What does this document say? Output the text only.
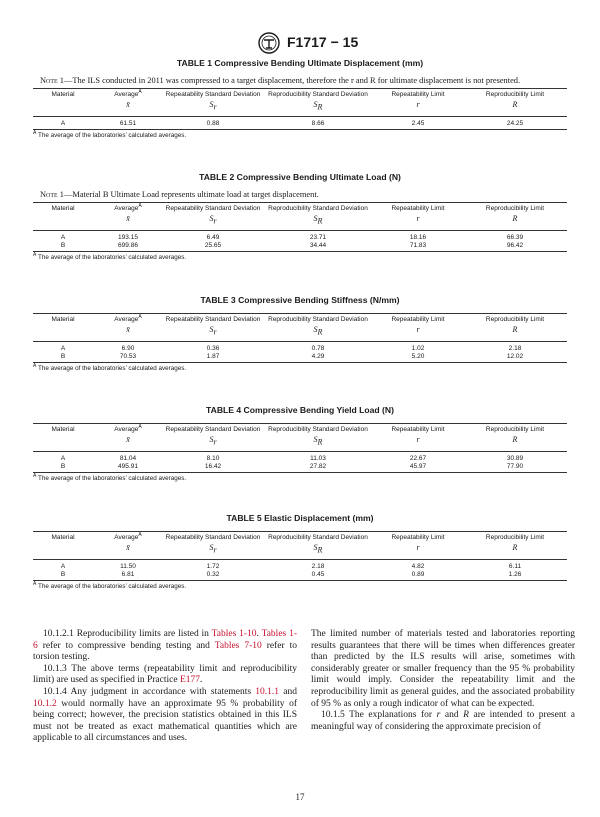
F1717 − 15
TABLE 1 Compressive Bending Ultimate Displacement (mm)
Note 1—The ILS conducted in 2011 was compressed to a target displacement, therefore the r and R for ultimate displacement is not presented.
Material	Average$^A$	Repeatability Standard Deviation	Reproducibility Standard Deviation	Repeatability Limit	Reproducibility Limit
	x̄	$S_r$	$S_R$	r	R
A	61.51	0.88	8.66	2.45	24.25
$^A$ The average of the laboratories’ calculated averages.
TABLE 2 Compressive Bending Ultimate Load (N)
Note 1—Material B Ultimate Load represents ultimate load at target displacement.
Material	Average$^A$	Repeatability Standard Deviation	Reproducibility Standard Deviation	Repeatability Limit	Reproducibility Limit
	x̄	$S_r$	$S_R$	r	R
A	193.15	6.49	23.71	18.16	66.39
B	699.86	25.65	34.44	71.83	96.42
$^A$ The average of the laboratories’ calculated averages.
TABLE 3 Compressive Bending Stiffness (N/mm)
Material	Average$^A$	Repeatability Standard Deviation	Reproducibility Standard Deviation	Repeatability Limit	Reproducibility Limit
	x̄	$S_r$	$S_R$	r	R
A	6.90	0.36	0.78	1.02	2.18
B	70.53	1.87	4.29	5.20	12.02
$^A$ The average of the laboratories’ calculated averages.
TABLE 4 Compressive Bending Yield Load (N)
Material	Average$^A$	Repeatability Standard Deviation	Reproducibility Standard Deviation	Repeatability Limit	Reproducibility Limit
	x̄	$S_r$	$S_R$	r	R
A	81.04	8.10	11.03	22.67	30.89
B	495.91	16.42	27.82	45.97	77.90
$^A$ The average of the laboratories’ calculated averages.
TABLE 5 Elastic Displacement (mm)
Material	Average$^A$	Repeatability Standard Deviation	Reproducibility Standard Deviation	Repeatability Limit	Reproducibility Limit
	x̄	$S_r$	$S_R$	r	R
A	11.50	1.72	2.18	4.82	6.11
B	6.81	0.32	0.45	0.89	1.26
$^A$ The average of the laboratories’ calculated averages.

10.1.2.1 Reproducibility limits are listed in Tables 1-10. Tables 1-6 refer to compressive bending testing and Tables 7-10 refer to torsion testing.

10.1.3 The above terms (repeatability limit and reproducibility limit) are used as specified in Practice E177.

10.1.4 Any judgment in accordance with statements 10.1.1 and 10.1.2 would normally have an approximate 95 % probability of being correct; however, the precision statistics obtained in this ILS must not be treated as exact mathematical quantities which are applicable to all circumstances and uses.

The limited number of materials tested and laboratories reporting results guarantees that there will be times when differences greater than predicted by the ILS results will arise, sometimes with considerably greater or smaller frequency than the 95 % probability limit would imply. Consider the repeatability limit and the reproducibility limit as general guides, and the associated probability of 95 % as only a rough indicator of what can be expected.

10.1.5 The explanations for r and R are intended to present a meaningful way of considering the approximate precision of

17
